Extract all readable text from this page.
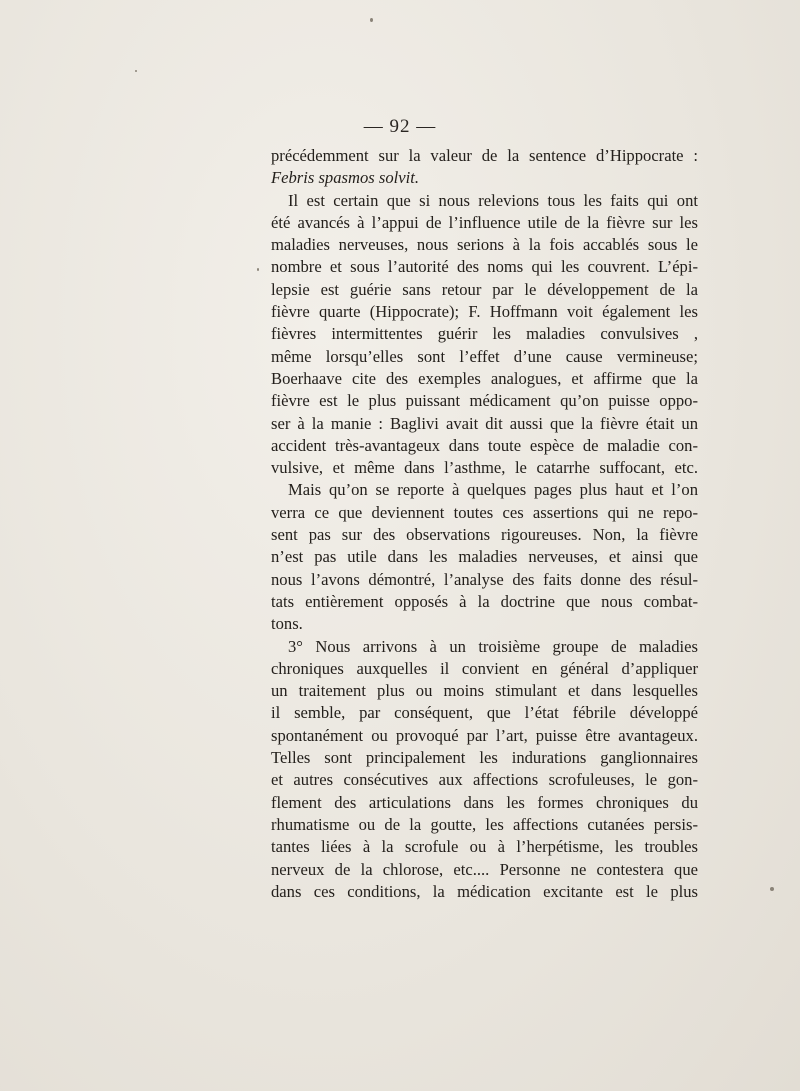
— 92 —
précédemment sur la valeur de la sentence d’Hippocrate :
Febris spasmos solvit.
Il est certain que si nous relevions tous les faits qui ont
été avancés à l’appui de l’influence utile de la fièvre sur les
maladies nerveuses, nous serions à la fois accablés sous le
nombre et sous l’autorité des noms qui les couvrent. L’épi-
lepsie est guérie sans retour par le développement de la
fièvre quarte (Hippocrate); F. Hoffmann voit également les
fièvres intermittentes guérir les maladies convulsives ,
même lorsqu’elles sont l’effet d’une cause vermineuse;
Boerhaave cite des exemples analogues, et affirme que la
fièvre est le plus puissant médicament qu’on puisse oppo-
ser à la manie : Baglivi avait dit aussi que la fièvre était un
accident très-avantageux dans toute espèce de maladie con-
vulsive, et même dans l’asthme, le catarrhe suffocant, etc.
Mais qu’on se reporte à quelques pages plus haut et l’on
verra ce que deviennent toutes ces assertions qui ne repo-
sent pas sur des observations rigoureuses. Non, la fièvre
n’est pas utile dans les maladies nerveuses, et ainsi que
nous l’avons démontré, l’analyse des faits donne des résul-
tats entièrement opposés à la doctrine que nous combat-
tons.
3° Nous arrivons à un troisième groupe de maladies
chroniques auxquelles il convient en général d’appliquer
un traitement plus ou moins stimulant et dans lesquelles
il semble, par conséquent, que l’état fébrile développé
spontanément ou provoqué par l’art, puisse être avantageux.
Telles sont principalement les indurations ganglionnaires
et autres consécutives aux affections scrofuleuses, le gon-
flement des articulations dans les formes chroniques du
rhumatisme ou de la goutte, les affections cutanées persis-
tantes liées à la scrofule ou à l’herpétisme, les troubles
nerveux de la chlorose, etc.... Personne ne contestera que
dans ces conditions, la médication excitante est le plus
